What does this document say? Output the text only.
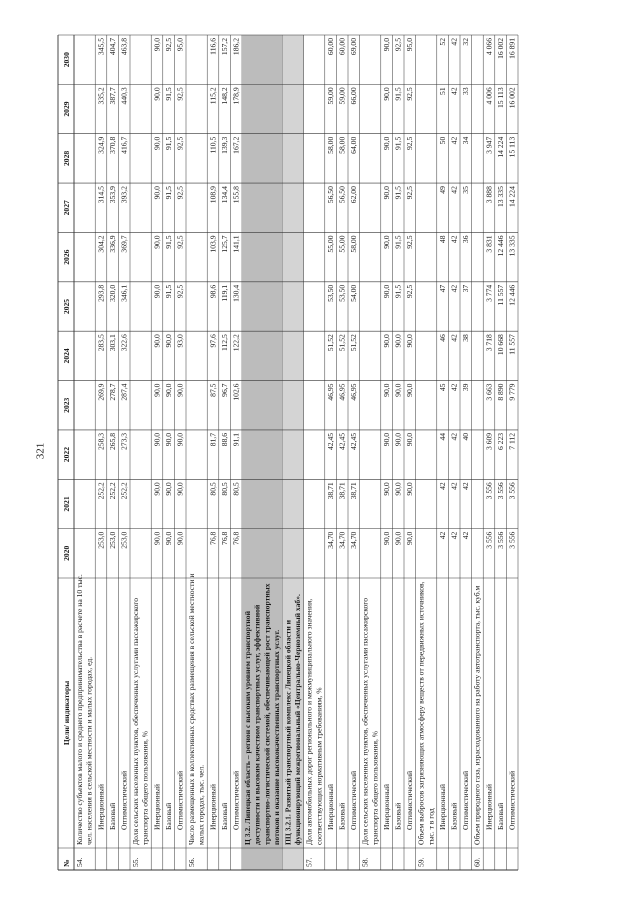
321
№
Цели/ индикаторы
2020
2021
2022
2023
2024
2025
2026
2027
2028
2029
2030
54.
Количество субъектов малого и среднего предпринимательства в расчете на 10 тыс. чел. населения в сельской местности и малых городах, ед. Инерционный
253,0
252,2
258,3
269,9
283,5
293,8
304,2
314,5
324,9
335,2
345,5
Базовый
253,0
252,2
265,8
278,7
303,1
320,0
336,9
353,9
370,8
387,7
404,7
Оптимистический
253,0
252,2
273,3
287,4
322,6
346,1
369,7
393,2
416,7
440,3
463,8
55.
Доля сельских населенных пунктов, обеспеченных услугами пассажирского транспорта общего пользования, % Инерционный
90,0
90,0
90,0
90,0
90,0
90,0
90,0
90,0
90,0
90,0
90,0
Базовый
90,0
90,0
90,0
90,0
90,0
91,5
91,5
91,5
91,5
91,5
92,5
Оптимистический
90,0
90,0
90,0
90,0
93,0
92,5
92,5
92,5
92,5
92,5
95,0
56.
Число размещенных в коллективных средствах размещения в сельской местности и малых городах, тыс. чел. Инерционный
76,8
80,5
81,7
87,5
97,6
98,6
103,9
108,9
110,5
115,2
116,6
Базовый
76,8
80,5
88,6
96,7
112,5
119,1
125,7
134,4
139,3
148,2
157,2
Оптимистический
76,8
80,5
91,1
102,6
122,2
130,4
141,1
155,8
167,2
178,9
186,2
Ц 3.2. Липецкая область – регион с высоким уровнем транспортной доступности и высоким качеством транспортных услуг, эффективной транспортно-логистической системой, обеспечивающей рост транспортных потоков и оказание высококачественных транспортных услуг. ПЦ 3.2.1. Развитый транспортный комплекс Липецкой области и функционирующий межрегиональный «Центрально-Черноземный хаб».
57.
Доля автомобильных дорог регионального и межмуниципального значения, соответствующих нормативным требованиям, % Инерционный
34,70
38,71
42,45
46,95
51,52
53,50
55,00
56,50
58,00
59,00
60,00
Базовый
34,70
38,71
42,45
46,95
51,52
53,50
55,00
56,50
58,00
59,00
60,00
Оптимистический
34,70
38,71
42,45
46,95
51,52
54,00
58,00
62,00
64,00
66,00
69,00
58.
Доля сельских населенных пунктов, обеспеченных услугами пассажирского транспорта общего пользования, % Инерционный
90,0
90,0
90,0
90,0
90,0
90,0
90,0
90,0
90,0
90,0
90,0
Базовый
90,0
90,0
90,0
90,0
90,0
91,5
91,5
91,5
91,5
91,5
92,5
Оптимистический
90,0
90,0
90,0
90,0
90,0
92,5
92,5
92,5
92,5
92,5
95,0
59.
Объем выбросов загрязняющих атмосферу веществ от передвижных источников, тыс. т в год Инерционный
42
42
44
45
46
47
48
49
50
51
52
Базовый
42
42
42
42
42
42
42
42
42
42
42
Оптимистический
42
42
40
39
38
37
36
35
34
33
32
60.
Объем природного газа, израсходованного на работу автотранспорта, тыс. куб.м Инерционный
3 556
3 556
3 609
3 663
3 718
3 774
3 831
3 888
3 947
4 006
4 066
Базовый
3 556
3 556
6 223
8 890
10 668
11 557
12 446
13 335
14 224
15 113
16 002
Оптимистический
3 556
3 556
7 112
9 779
11 557
12 446
13 335
14 224
15 113
16 002
16 891
